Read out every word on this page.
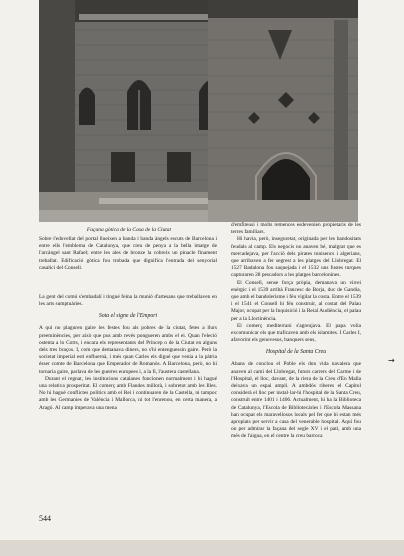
Façana gòtica de la Casa de la Ciutat

Sobre l'edovellat del portal llueixen a banda i banda àngels escuts de Barcelona i entre ells l'emblema de Catalunya, que creu de penya a la bella imatge de l'arcàngel sant Rafael; entre les ales de bronze la cobreix un pinacle finament treballat. Edificació gòtica fou trobada que dignifica l'entrada del senyorial casalici del Consell.

La gent del comú s'embadalí i tingué feina la munió d'artesans que treballaven en les arts sumptuàries.

Sota el signe de l'Empori

A qui no plaguren gaire les festes fou als pobres de la ciutat, fetes a llurs preeminències, per això que pus amb revés pongueren ambs el ei. Quan l'eleció ostenta a lo Corts, i encara els representants del Príncep o de la Ciutat en alguns dels tres braços. I, com que demanava diners, no s'hi entenguessin gaire. Però la societat imperial esti enfluernà, i més quan Carles els digué que venia a la pàtria ésser comte de Barcelona que Emperador de Romanòs. A Barcelona, però, no hi tornaria gaire, parlava de les guerres europees i, a la fi, l'austera castellana.

Durant el regnat, les institucions catalanes funcionen normalment i hi hagué una relativa prosperitat. El comerç amb Flandes millorà, i sobretot amb les Illes. No hi hagué conflictes polítics amb el Rei i continuaren de la Castella, ni tampoc amb les Germanies de València i Mallorca, ni tot l'enrenou, en certa manera, a Aragó. Al camp imperava una mena

d'emfiteusi i molts remences esdevenien propietaris de les terres familiars.

Hi havia, però, inseguretat, originada per les bandositats feudals al camp. Els negocis no anaven bé, malgrat que es mercadejava, per l'acció dels pirates tunisencs i algerians, que arribaven a fer segrest a les platges del Llobregat. El 1527 Badalona fou saquejada i el 1532 uns fustes turques capturaren 28 pescadors a les platges barcelonines.

El Consell, sense força pròpia, demanava un virrei enèrgic i el 1539 arribà Francesc de Borja, duc de Gandia, que amb el bandolerisme i féu vigilar la costa. Entre el 1539 i el 1541 el Consell hi féu construir, al costat del Palau Major, ocupat per la Inquisició i la Reial Audiència, el palau per a la Lloctinència.

El comerç mediterrani s'agreujava. El papa volia excomunicar els que traficaven amb els islamites. I Carles I, afavorint els genovesos, banquers seus,

Hospital de la Santa Creu

Abans de conclou el Poble els don vida navalera que anaven al camí del Llobregat, futurs carrers del Carme i de l'Hospital, el lloc, davant, de la riera de la Creu d'En Malla deixava un espai ampli. A ambdós riberes el Capítol considerà el lloc per instal·lar-hi l'hospital de la Santa Creu, construït entre 1401 i 1406. Actualment, hi ha la Biblioteca de Catalunya, l'Escola de Bibliotecàries i l'Escola Massana han ocupat els maravellosos locals pel fet que hi estan més apropiats per servir a casa del venerable hospital. Aquí fou on per admirar la façana del segle XV i el pati, amb una més de l'aigua, en el centre la creu barroca

→
544
